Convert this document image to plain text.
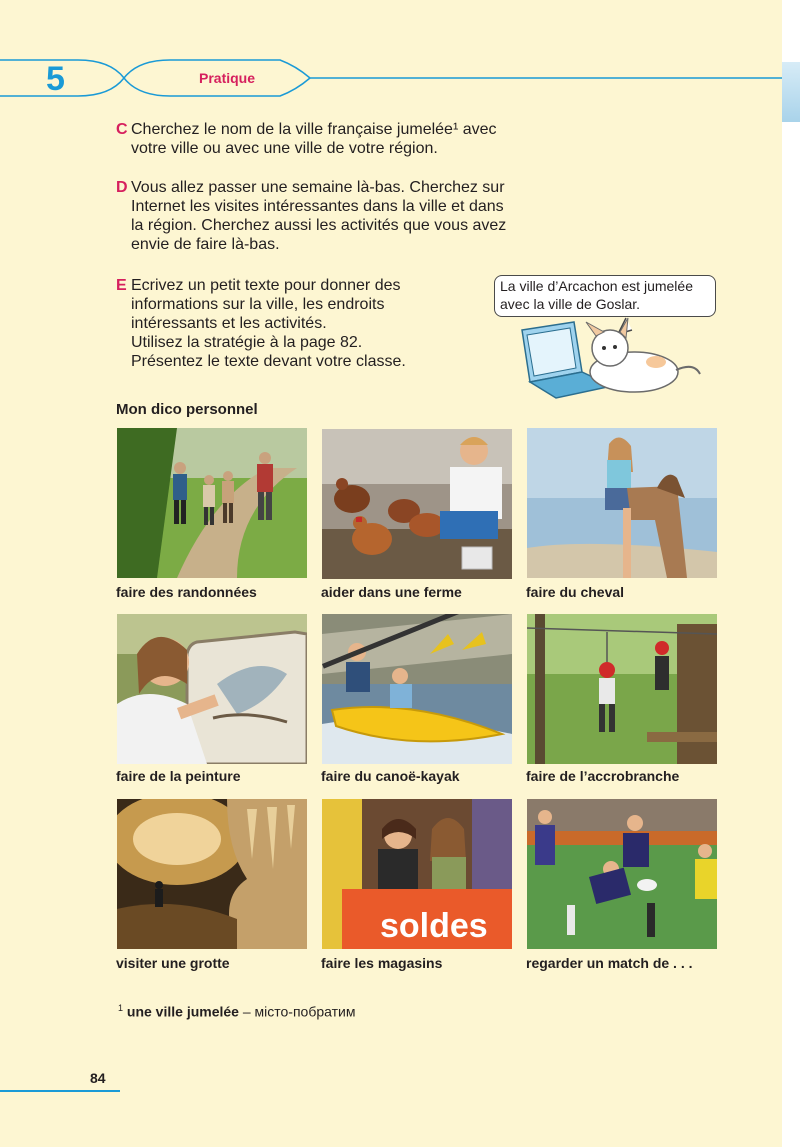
5	Pratique
C Cherchez le nom de la ville française jumelée¹ avec
votre ville ou avec une ville de votre région.
D Vous allez passer une semaine là-bas. Cherchez sur
Internet les visites intéressantes dans la ville et dans
la région. Cherchez aussi les activités que vous avez
envie de faire là-bas.
E Ecrivez un petit texte pour donner des
informations sur la ville, les endroits
intéressants et les activités.
Utilisez la stratégie à la page 82.
Présentez le texte devant votre classe.
La ville d’Arcachon est jumelée
avec la ville de Goslar.
Mon dico personnel
faire des randonnées	aider dans une ferme	faire du cheval
faire de la peinture	faire du canoë-kayak	faire de l’accrobranche
visiter une grotte
soldes
faire les magasins	regarder un match de . . .
$^1$ une ville jumelée – місто-побратим
84
